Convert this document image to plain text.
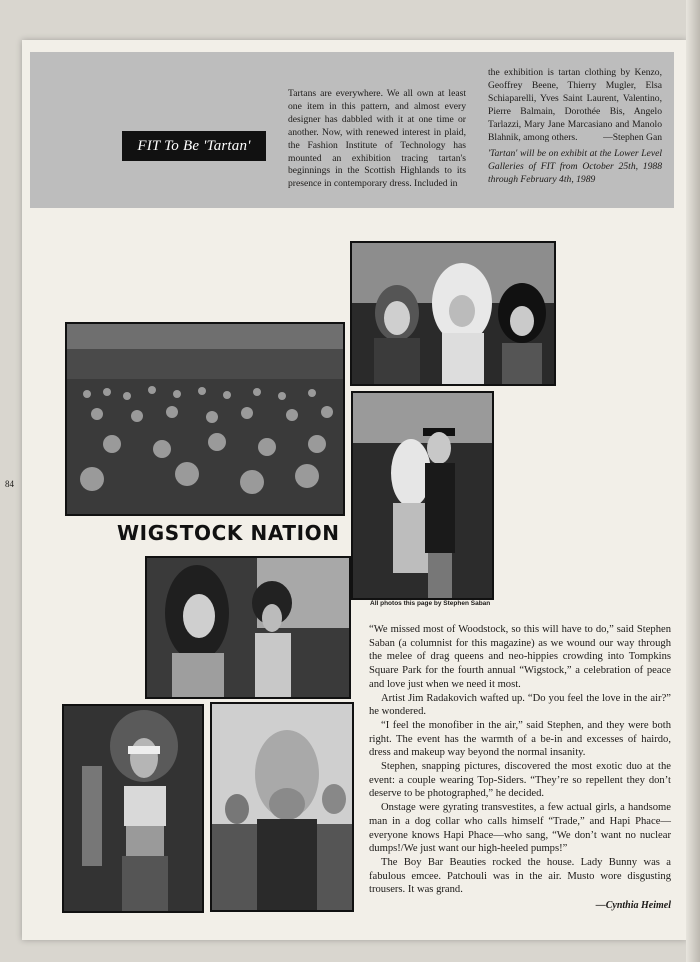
FIT To Be 'Tartan'
Tartans are everywhere. We all own at least one item in this pattern, and almost every designer has dabbled with it at one time or another. Now, with renewed interest in plaid, the Fashion Institute of Technology has mounted an exhibition tracing tartan's beginnings in the Scottish Highlands to its presence in contemporary dress. Included in
the exhibition is tartan clothing by Kenzo, Geoffrey Beene, Thierry Mugler, Elsa Schiaparelli, Yves Saint Laurent, Valentino, Pierre Balmain, Dorothée Bis, Angelo Tarlazzi, Mary Jane Marcasiano and Manolo Blahnik, among others.	—Stephen Gan
'Tartan' will be on exhibit at the Lower Level Galleries of FIT from October 25th, 1988 through February 4th, 1989
84
WIGSTOCK NATION
All photos this page by Stephen Saban

“We missed most of Woodstock, so this will have to do,” said Stephen Saban (a columnist for this magazine) as we wound our way through the melee of drag queens and neo-hippies crowding into Tompkins Square Park for the fourth annual “Wigstock,” a celebration of peace and love just when we need it most.

Artist Jim Radakovich wafted up. “Do you feel the love in the air?” he wondered.

“I feel the monofiber in the air,” said Stephen, and they were both right. The event has the warmth of a be-in and excesses of hairdo, dress and makeup way beyond the normal insanity.

Stephen, snapping pictures, discovered the most exotic duo at the event: a couple wearing Top-Siders. “They’re so repellent they don’t deserve to be photographed,” he decided.

Onstage were gyrating transvestites, a few actual girls, a handsome man in a dog collar who calls himself “Trade,” and Hapi Phace—everyone knows Hapi Phace—who sang, “We don’t want no nuclear dumps!/We just want our high-heeled pumps!”

The Boy Bar Beauties rocked the house. Lady Bunny was a fabulous emcee. Patchouli was in the air. Musto wore disgusting trousers. It was grand.

—Cynthia Heimel
